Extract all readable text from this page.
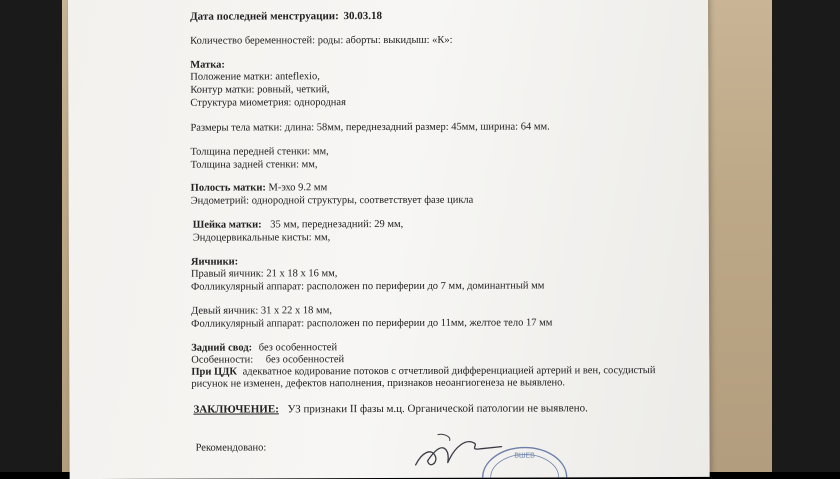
Дата последней менструации: 30.03.18
Количество беременностей: роды: аборты: выкидыш: «К»:
Матка:
Положение матки: anteflexio,
Контур матки: ровный, четкий,
Структура миометрия: однородная
Размеры тела матки: длина: 58мм, переднезадний размер: 45мм, ширина: 64 мм.
Толщина передней стенки: мм,
Толщина задней стенки: мм,
Полость матки: М-эхо 9.2 мм
Эндометрий: однородной структуры, соответствует фазе цикла
Шейка матки: 35 мм, переднезадний: 29 мм,
Эндоцервикальные кисты: мм,
Яичники:
Правый яичник: 21 х 18 х 16 мм,
Фолликулярный аппарат: расположен по периферии до 7 мм, доминантный мм
Девый яичник: 31 х 22 х 18 мм,
Фолликулярный аппарат: расположен по периферии до 11мм, желтое тело 17 мм
Задний свод: без особенностей
Особенности: без особенностей
При ЦДК адекватное кодирование потоков с отчетливой дифференциацией артерий и вен, сосудистый
рисунок не изменен, дефектов наполнения, признаков неоангиогенеза не выявлено.
ЗАКЛЮЧЕНИЕ: УЗ признаки II фазы м.ц. Органической патологии не выявлено.
Рекомендовано:
ВШЕВ
